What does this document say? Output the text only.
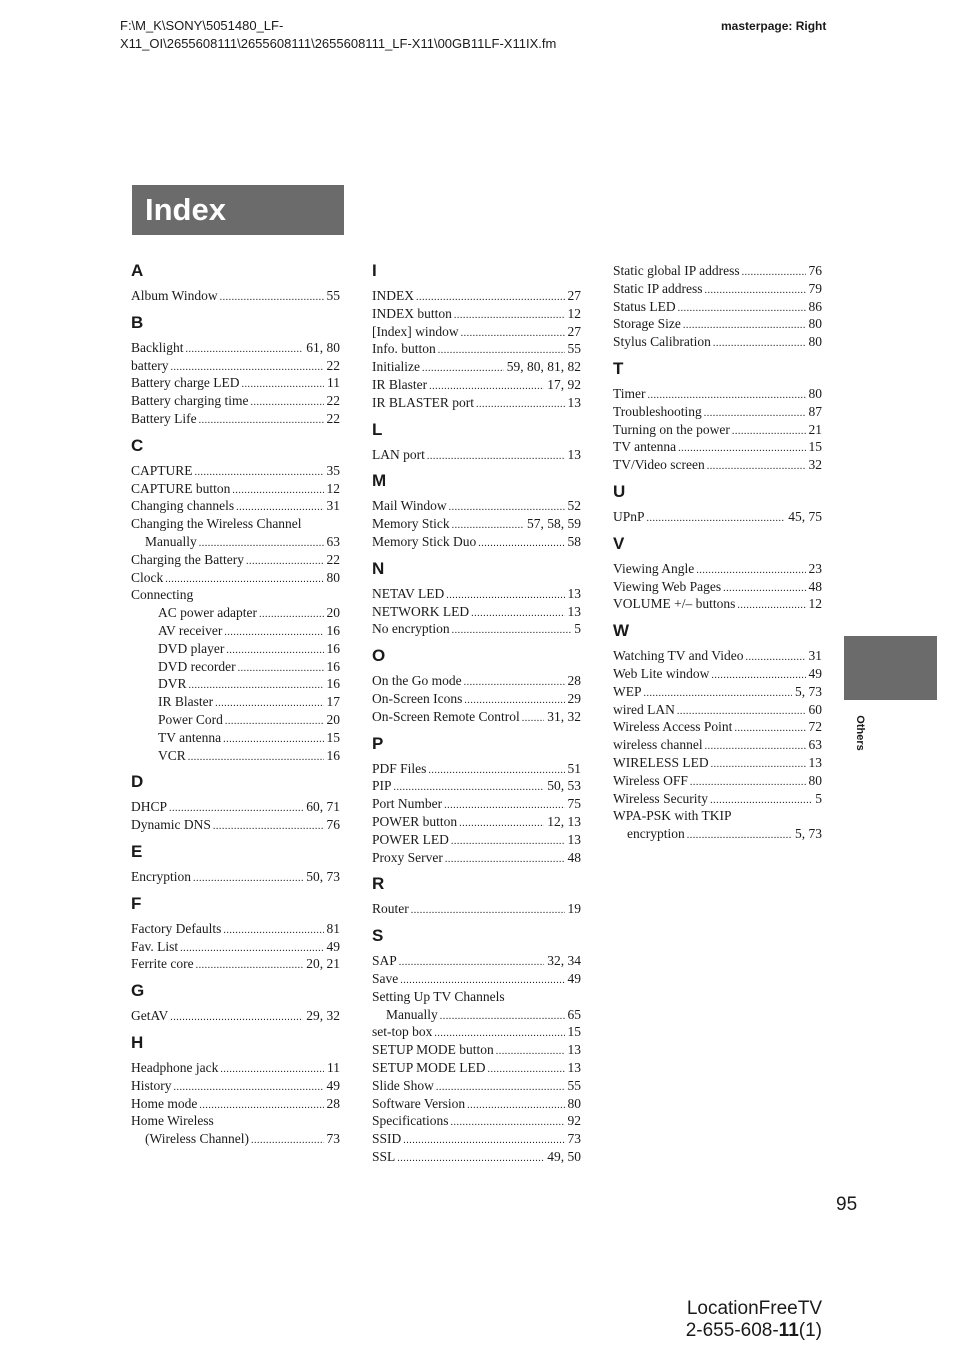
F:\M_K\SONY\5051480_LF-
X11_OI\2655608111\2655608111\2655608111_LF-X11\00GB11LF-X11IX.fm
masterpage: Right
Index
A
Album Window .....	55
B
Backlight .....	61, 80
battery .....	22
Battery charge LED .....	11
Battery charging time .....	22
Battery Life .....	22
C
CAPTURE .....	35
CAPTURE button .....	12
Changing channels .....	31
Changing the Wireless Channel
Manually .....	63
Charging the Battery .....	22
Clock .....	80
Connecting
AC power adapter .....	20
AV receiver .....	16
DVD player .....	16
DVD recorder .....	16
DVR .....	16
IR Blaster .....	17
Power Cord .....	20
TV antenna .....	15
VCR .....	16
D
DHCP .....	60, 71
Dynamic DNS .....	76
E
Encryption .....	50, 73
F
Factory Defaults .....	81
Fav. List .....	49
Ferrite core .....	20, 21
G
GetAV .....	29, 32
H
Headphone jack .....	11
History .....	49
Home mode .....	28
Home Wireless
(Wireless Channel) .....	73
I
INDEX .....	27
INDEX button .....	12
[Index] window .....	27
Info. button .....	55
Initialize .....	59, 80, 81, 82
IR Blaster .....	17, 92
IR BLASTER port .....	13
L
LAN port .....	13
M
Mail Window .....	52
Memory Stick .....	57, 58, 59
Memory Stick Duo .....	58
N
NETAV LED .....	13
NETWORK LED .....	13
No encryption .....	5
O
On the Go mode .....	28
On-Screen Icons .....	29
On-Screen Remote Control ..... 31, 32
P
PDF Files .....	51
PIP .....	50, 53
Port Number .....	75
POWER button .....	12, 13
POWER LED .....	13
Proxy Server .....	48
R
Router .....	19
S
SAP .....	32, 34
Save .....	49
Setting Up TV Channels
Manually .....	65
set-top box .....	15
SETUP MODE button .....	13
SETUP MODE LED .....	13
Slide Show .....	55
Software Version .....	80
Specifications .....	92
SSID .....	73
SSL .....	49, 50
Static global IP address .....	76
Static IP address .....	79
Status LED .....	86
Storage Size .....	80
Stylus Calibration .....	80
T
Timer .....	80
Troubleshooting .....	87
Turning on the power .....	21
TV antenna .....	15
TV/Video screen .....	32
U
UPnP .....	45, 75
V
Viewing Angle .....	23
Viewing Web Pages .....	48
VOLUME +/– buttons .....	12
W
Watching TV and Video .....	31
Web Lite window .....	49
WEP .....	5, 73
wired LAN .....	60
Wireless Access Point .....	72
wireless channel .....	63
WIRELESS LED .....	13
Wireless OFF .....	80
Wireless Security .....	5
WPA-PSK with TKIP
encryption .....	5, 73
Others
95
LocationFreeTV
2-655-608-11(1)
